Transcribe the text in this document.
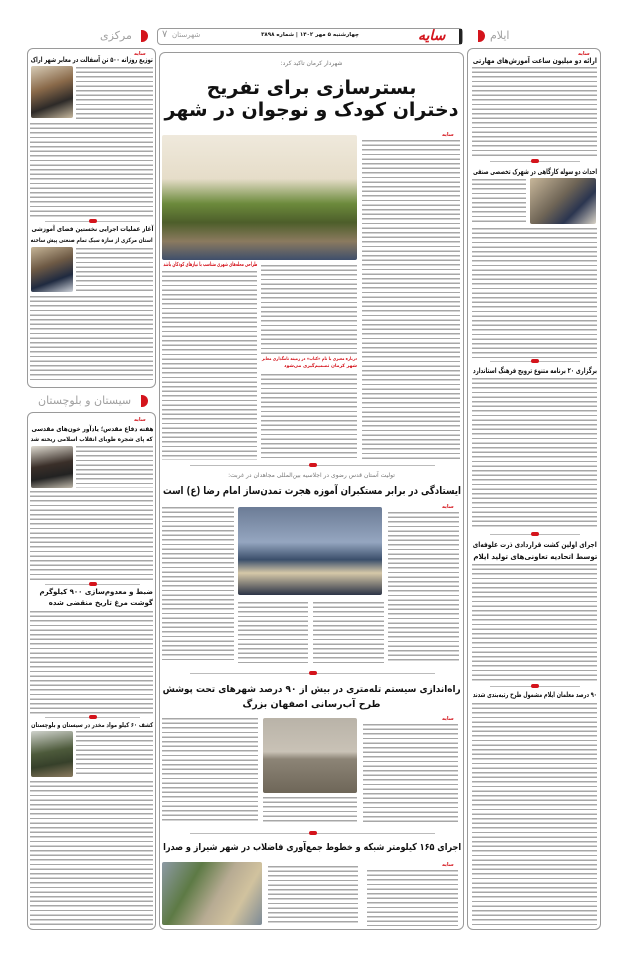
سایه
چهارشنبه ۵ مهر ۱۴۰۲ | شماره ۳۸۹۸
شهرستان
۷	ایلام
مرکزی
سایه
ارائه دو میلیون ساعت آموزش‌های مهارتی
احداث دو سوله کارگاهی در شهرک تخصصی صنفی
برگزاری ۲۰ برنامه متنوع ترویج فرهنگ استاندارد
اجرای اولین کشت قراردادی ذرت علوفه‌ای
توسط اتحادیه تعاونی‌های تولید ایلام
۹۰ درصد معلمان ایلام مشمول طرح رتبه‌بندی شدند
شهردار کرمان تاکید کرد:
بسترسازی برای تفریح
دختران کودک و نوجوان در شهر
سایه
طراحی محله‌های شهری متناسب با نیازهای کودکان باشد
درباره معبری با نام «کتاب» در زمینه نامگذاری معابر
شهر کرمان تصمیم‌گیری می‌شود
تولیت آستان قدس رضوی در اجلاسیه بین‌المللی مجاهدان در غربت:
ایستادگی در برابر مستکبران آموزه هجرت تمدن‌ساز امام رضا (ع) است
سایه
راه‌اندازی سیستم تله‌متری در بیش از ۹۰ درصد شهرهای تحت پوشش
طرح آب‌رسانی اصفهان بزرگ
سایه
اجرای ۱۶۵ کیلومتر شبکه و خطوط جمع‌آوری فاضلاب در شهر شیراز و صدرا
سایه
سایه
توزیع روزانه ۵۰۰ تن آسفالت در معابر شهر اراک
آغاز عملیات اجرایی نخستین فضای آموزشی
استان مرکزی از سازه سبک تمام صنعتی پیش ساخته
سیستان و بلوچستان
سایه
هفته دفاع مقدس؛ یادآور خون‌های مقدسی
که پای شجره طوبای انقلاب اسلامی ریخته شد
ضبط و معدوم‌سازی ۹۰۰ کیلوگرم
گوشت مرغ تاریخ منقضی شده
کشف ۶۰ کیلو مواد مخدر در سیستان و بلوچستان
